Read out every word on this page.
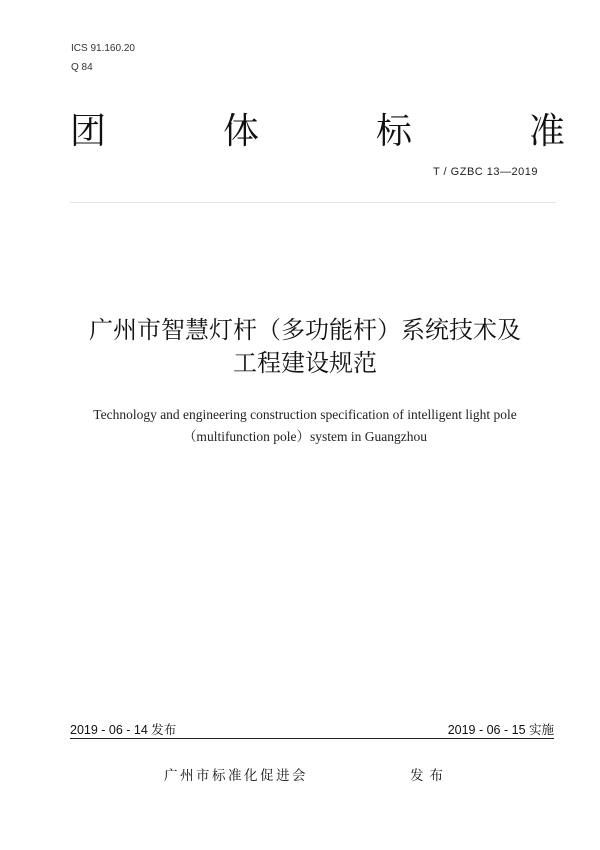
ICS 91.160.20
Q 84
团	体	标	准
T / GZBC 13—2019
广州市智慧灯杆（多功能杆）系统技术及
工程建设规范
Technology and engineering construction specification of intelligent light pole
（multifunction pole）system in Guangzhou
2019 - 06 - 14 发布	2019 - 06 - 15 实施
广州市标准化促进会	发布
